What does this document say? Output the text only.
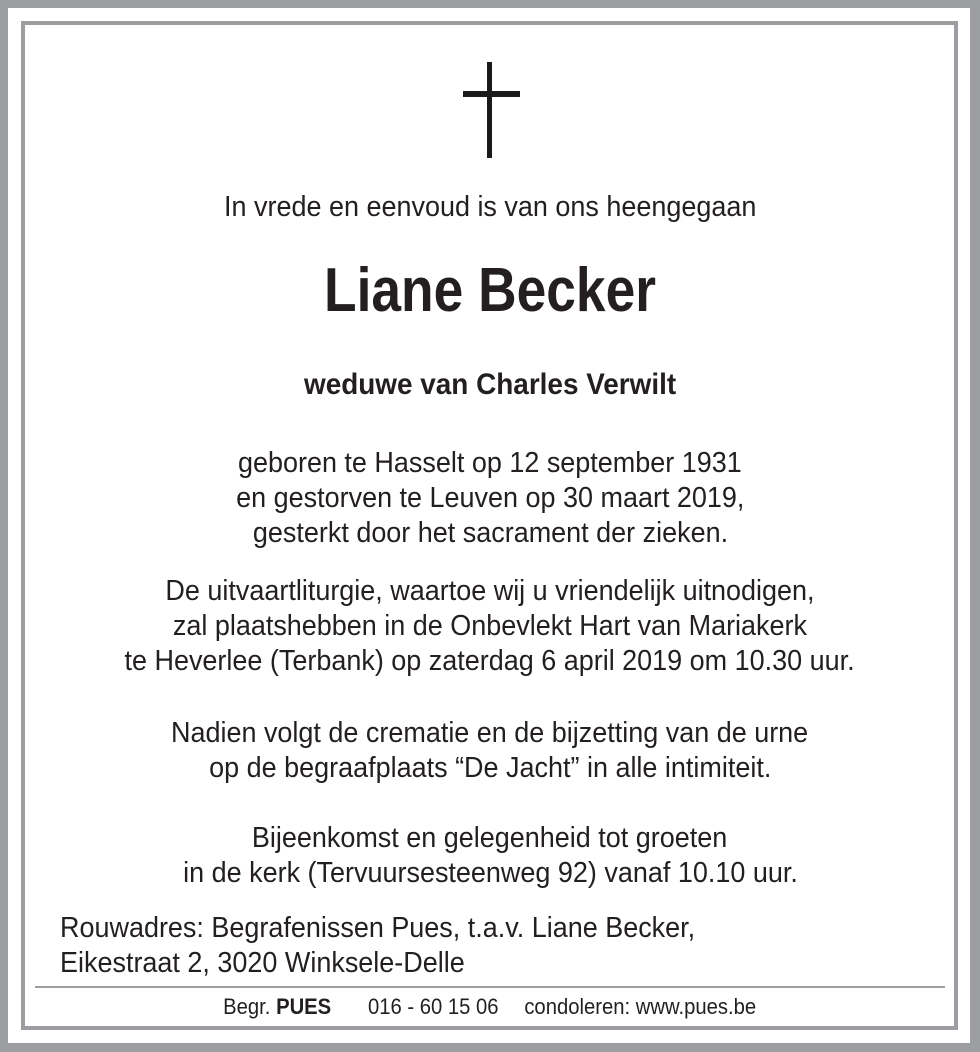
In vrede en eenvoud is van ons heengegaan
Liane Becker
weduwe van Charles Verwilt
geboren te Hasselt op 12 september 1931
en gestorven te Leuven op 30 maart 2019,
gesterkt door het sacrament der zieken.
De uitvaartliturgie, waartoe wij u vriendelijk uitnodigen,
zal plaatshebben in de Onbevlekt Hart van Mariakerk
te Heverlee (Terbank) op zaterdag 6 april 2019 om 10.30 uur.
Nadien volgt de crematie en de bijzetting van de urne
op de begraafplaats “De Jacht” in alle intimiteit.
Bijeenkomst en gelegenheid tot groeten
in de kerk (Tervuursesteenweg 92) vanaf 10.10 uur.
Rouwadres: Begrafenissen Pues, t.a.v. Liane Becker,
Eikestraat 2, 3020 Winksele-Delle
Begr. PUES 016 - 60 15 06 condoleren: www.pues.be
